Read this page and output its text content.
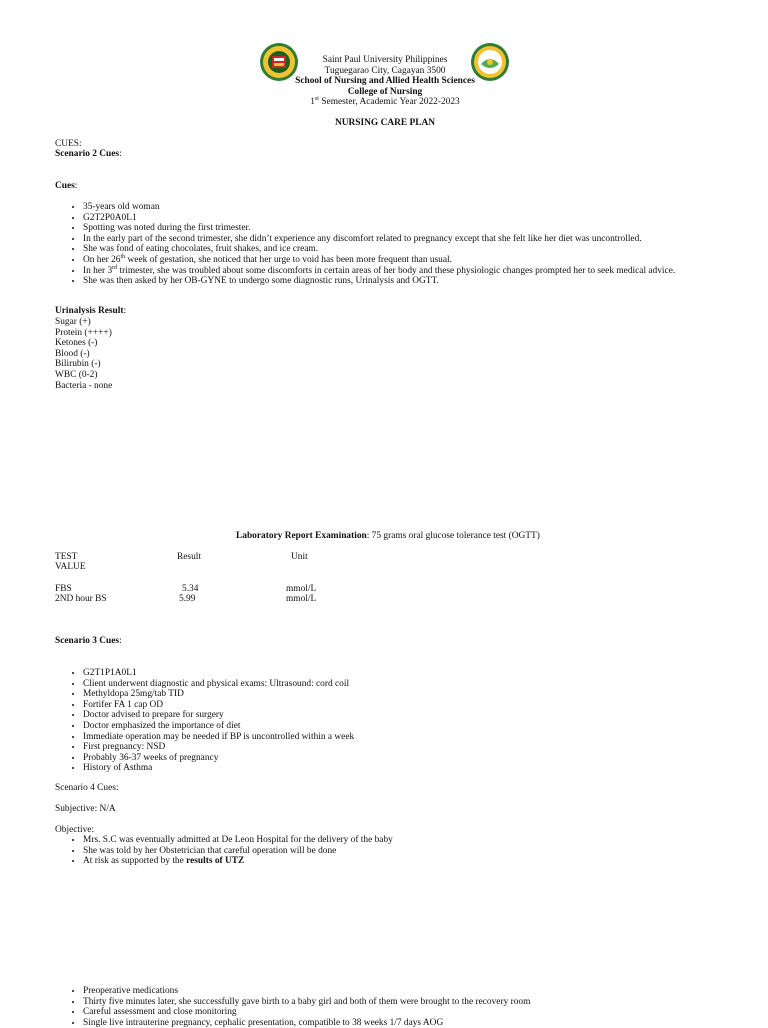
Saint Paul University Philippines
Tuguegarao City, Cagayan 3500
School of Nursing and Allied Health Sciences
College of Nursing
1st Semester, Academic Year 2022-2023
NURSING CARE PLAN
CUES:
Scenario 2 Cues:
Cues:
• 35-years old woman
• G2T2P0A0L1
• Spotting was noted during the first trimester.
• In the early part of the second trimester, she didn’t experience any discomfort related to pregnancy except that she felt like her diet was uncontrolled.
• She was fond of eating chocolates, fruit shakes, and ice cream.
• On her 26th week of gestation, she noticed that her urge to void has been more frequent than usual.
• In her 3rd trimester, she was troubled about some discomforts in certain areas of her body and these physiologic changes prompted her to seek medical advice.
• She was then asked by her OB-GYNE to undergo some diagnostic runs, Urinalysis and OGTT.
Urinalysis Result:
Sugar (+)
Protein (++++)
Ketones (-)
Blood (-)
Bilirubin (-)
WBC (0-2)
Bacteria - none
Laboratory Report Examination: 75 grams oral glucose tolerance test (OGTT)
TEST	Result	Unit
VALUE
FBS	5.34	mmol/L
2ND hour BS	5.99	mmol/L
Scenario 3 Cues:
• G2T1P1A0L1
• Client underwent diagnostic and physical exams: Ultrasound: cord coil
• Methyldopa 25mg/tab TID
• Fortifer FA 1 cap OD
• Doctor advised to prepare for surgery
• Doctor emphasized the importance of diet
• Immediate operation may be needed if BP is uncontrolled within a week
• First pregnancy: NSD
• Probably 36-37 weeks of pregnancy
• History of Asthma
Scenario 4 Cues:
Subjective: N/A
Objective:
• Mrs. S.C was eventually admitted at De Leon Hospital for the delivery of the baby
• She was told by her Obstetrician that careful operation will be done
• At risk as supported by the results of UTZ
• Preoperative medications
• Thirty five minutes later, she successfully gave birth to a baby girl and both of them were brought to the recovery room
• Careful assessment and close monitoring
• Single live intrauterine pregnancy, cephalic presentation, compatible to 38 weeks 1/7 days AOG
